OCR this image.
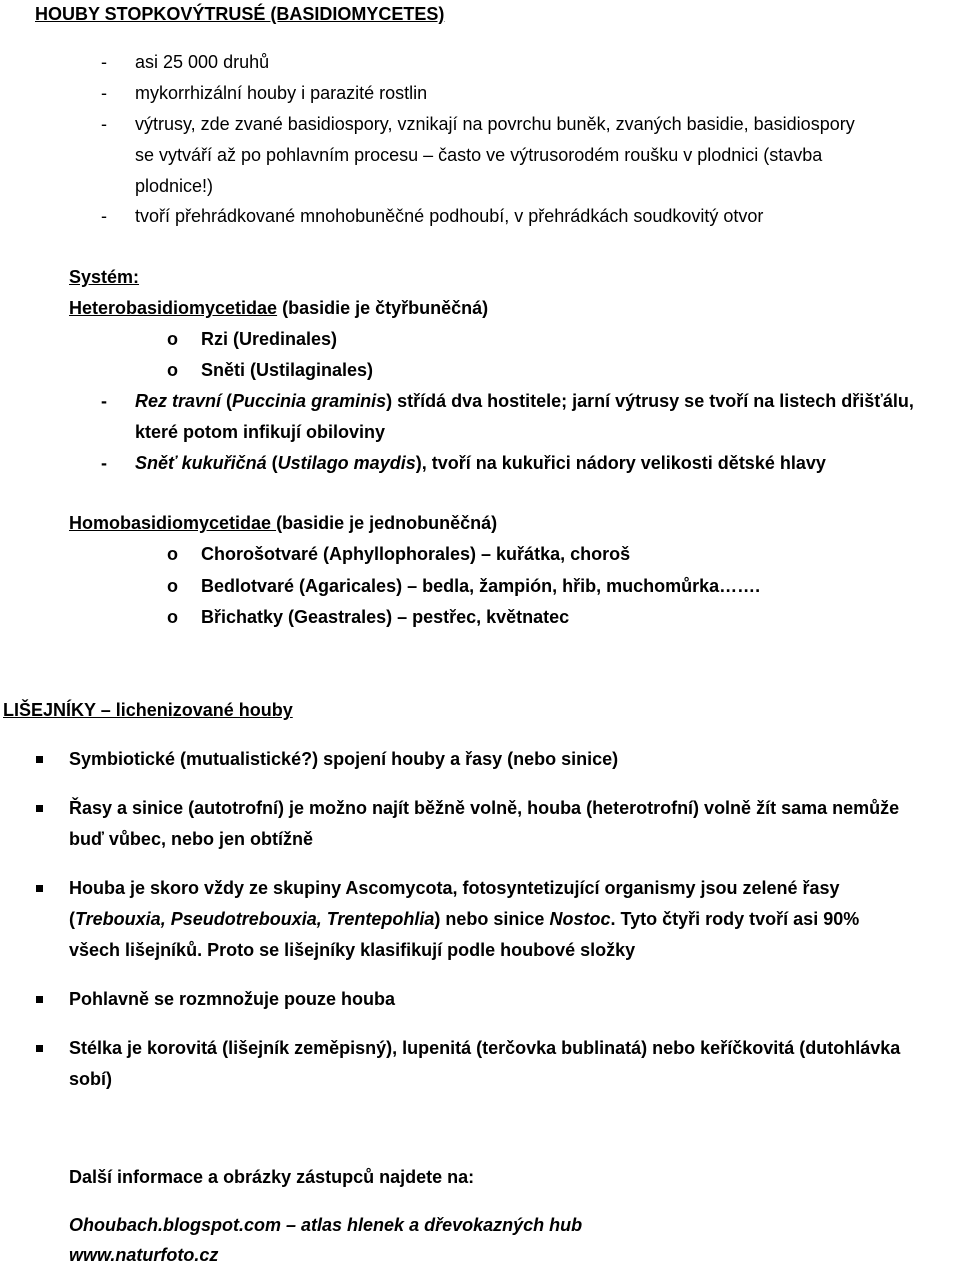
HOUBY STOPKOVÝTRUSÉ (BASIDIOMYCETES)
- asi 25 000 druhů
- mykorrhizální houby i parazité rostlin
- výtrusy, zde zvané basidiospory, vznikají na povrchu buněk, zvaných basidie, basidiospory
se vytváří až po pohlavním procesu – často ve výtrusorodém roušku v plodnici (stavba
plodnice!)
- tvoří přehrádkované mnohobuněčné podhoubí, v přehrádkách soudkovitý otvor
Systém:
Heterobasidiomycetidae (basidie je čtyřbuněčná)
o Rzi (Uredinales)
o Sněti (Ustilaginales)
- Rez travní (Puccinia graminis) střídá dva hostitele; jarní výtrusy se tvoří na listech dřišťálu,
které potom infikují obiloviny
- Sněť kukuřičná (Ustilago maydis), tvoří na kukuřici nádory velikosti dětské hlavy
Homobasidiomycetidae (basidie je jednobuněčná)
o Chorošotvaré (Aphyllophorales) – kuřátka, choroš
o Bedlotvaré (Agaricales) – bedla, žampión, hřib, muchomůrka…….
o Břichatky (Geastrales) – pestřec, květnatec
LIŠEJNÍKY – lichenizované houby
Symbiotické (mutualistické?) spojení houby a řasy (nebo sinice)
Řasy a sinice (autotrofní) je možno najít běžně volně, houba (heterotrofní) volně žít sama nemůže
buď vůbec, nebo jen obtížně
Houba je skoro vždy ze skupiny Ascomycota, fotosyntetizující organismy jsou zelené řasy
(Trebouxia, Pseudotrebouxia, Trentepohlia) nebo sinice Nostoc. Tyto čtyři rody tvoří asi 90%
všech lišejníků. Proto se lišejníky klasifikují podle houbové složky
Pohlavně se rozmnožuje pouze houba
Stélka je korovitá (lišejník zeměpisný), lupenitá (terčovka bublinatá) nebo keříčkovitá (dutohlávka
sobí)
Další informace a obrázky zástupců najdete na:
Ohoubach.blogspot.com – atlas hlenek a dřevokazných hub
www.naturfoto.cz
